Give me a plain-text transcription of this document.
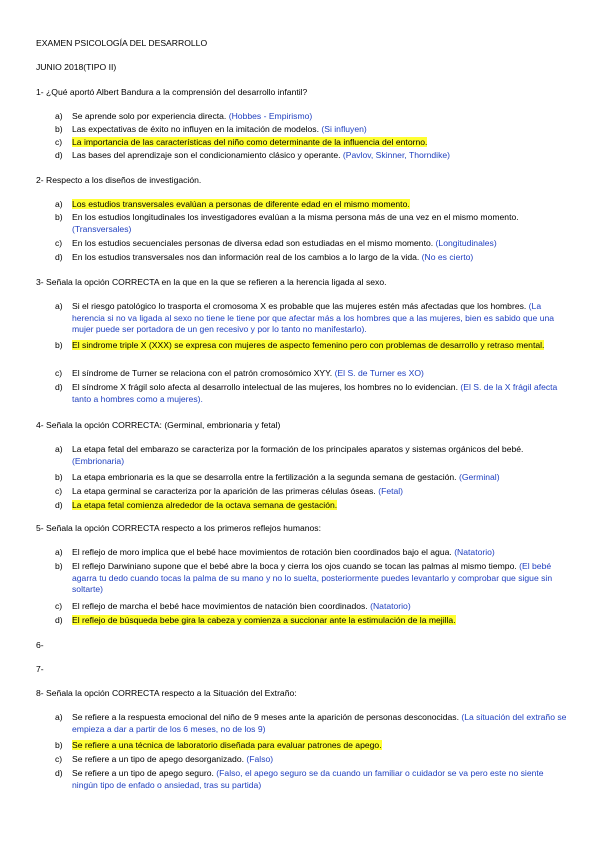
EXAMEN PSICOLOGÍA DEL DESARROLLO
JUNIO 2018(TIPO II)
1- ¿Qué aportó Albert Bandura a la comprensión del desarrollo infantil?
a)	Se aprende solo por experiencia directa. (Hobbes - Empirismo)
b)	Las expectativas de éxito no influyen en la imitación de modelos. (Si influyen)
c)	La importancia de las características del niño como determinante de la influencia del entorno.
d)	Las bases del aprendizaje son el condicionamiento clásico y operante. (Pavlov, Skinner, Thorndike)
2- Respecto a los diseños de investigación.
a)	Los estudios transversales evalúan a personas de diferente edad en el mismo momento.
b)	En los estudios longitudinales los investigadores evalúan a la misma persona más de una vez en el mismo momento. (Transversales)
c)	En los estudios secuenciales personas de diversa edad son estudiadas en el mismo momento. (Longitudinales)
d)	En los estudios transversales nos dan información real de los cambios a lo largo de la vida. (No es cierto)
3- Señala la opción CORRECTA en la que en la que se refieren a la herencia ligada al sexo.
a)	Si el riesgo patológico lo trasporta el cromosoma X es probable que las mujeres estén más afectadas que los hombres. (La herencia si no va ligada al sexo no tiene le tiene por que afectar más a los hombres que a las mujeres, bien es sabido que una mujer puede ser portadora de un gen recesivo y por lo tanto no manifestarlo).
b)	El sindrome triple X (XXX) se expresa con mujeres de aspecto femenino pero con problemas de desarrollo y retraso mental.
c)	El síndrome de Turner se relaciona con el patrón cromosómico XYY. (El S. de Turner es XO)
d)	El síndrome X frágil solo afecta al desarrollo intelectual de las mujeres, los hombres no lo evidencian. (El S. de la X frágil afecta tanto a hombres como a mujeres).
4- Señala la opción CORRECTA: (Germinal, embrionaria y fetal)
a)	La etapa fetal del embarazo se caracteriza por la formación de los principales aparatos y sistemas orgánicos del bebé. (Embrionaria)
b)	La etapa embrionaria es la que se desarrolla entre la fertilización a la segunda semana de gestación. (Germinal)
c)	La etapa germinal se caracteriza por la aparición de las primeras células óseas. (Fetal)
d)	La etapa fetal comienza alrededor de la octava semana de gestación.
5- Señala la opción CORRECTA respecto a los primeros reflejos humanos:
a)	El reflejo de moro implica que el bebé hace movimientos de rotación bien coordinados bajo el agua. (Natatorio)
b)	El reflejo Darwiniano supone que el bebé abre la boca y cierra los ojos cuando se tocan las palmas al mismo tiempo. (El bebé agarra tu dedo cuando tocas la palma de su mano y no lo suelta, posteriormente puedes levantarlo y comprobar que sigue sin soltarte)
c)	El reflejo de marcha el bebé hace movimientos de natación bien coordinados. (Natatorio)
d)	El reflejo de búsqueda bebe gira la cabeza y comienza a succionar ante la estimulación de la mejilla.
6-
7-
8- Señala la opción CORRECTA respecto a la Situación del Extraño:
a)	Se refiere a la respuesta emocional del niño de 9 meses ante la aparición de personas desconocidas. (La situación del extraño se empieza a dar a partir de los 6 meses, no de los 9)
b)	Se refiere a una técnica de laboratorio diseñada para evaluar patrones de apego.
c)	Se refiere a un tipo de apego desorganizado. (Falso)
d)	Se refiere a un tipo de apego seguro. (Falso, el apego seguro se da cuando un familiar o cuidador se va pero este no siente ningún tipo de enfado o ansiedad, tras su partida)
